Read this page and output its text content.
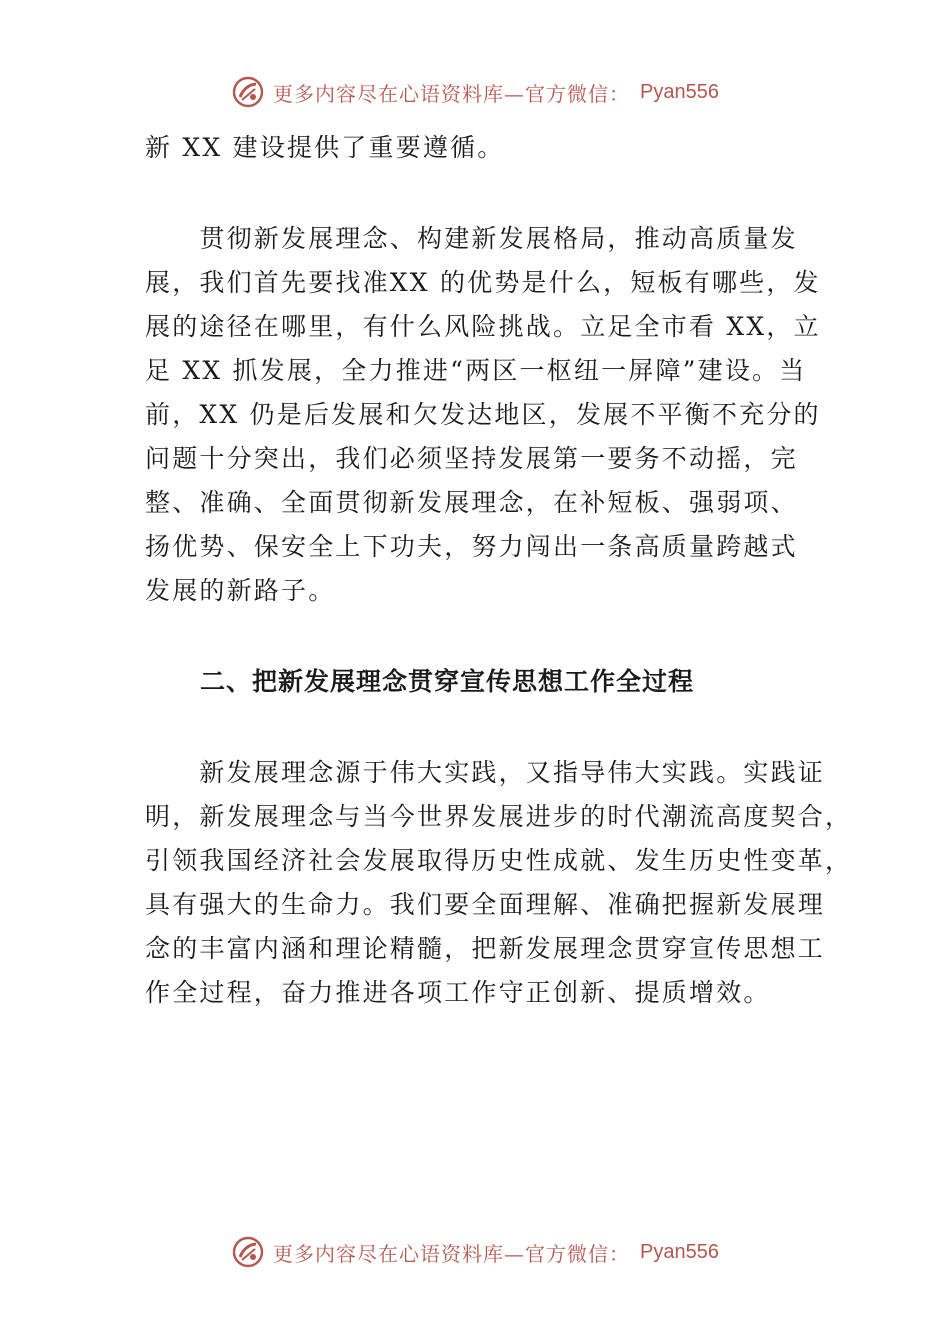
更多内容尽在心语资料库—官方微信： Pyan556
新 XX 建设提供了重要遵循。
　　贯彻新发展理念、构建新发展格局，推动高质量发
展，我们首先要找准XX 的优势是什么，短板有哪些，发
展的途径在哪里，有什么风险挑战。立足全市看 XX，立
足 XX 抓发展，全力推进“两区一枢纽一屏障”建设。当
前，XX 仍是后发展和欠发达地区，发展不平衡不充分的
问题十分突出，我们必须坚持发展第一要务不动摇，完
整、准确、全面贯彻新发展理念，在补短板、强弱项、
扬优势、保安全上下功夫，努力闯出一条高质量跨越式
发展的新路子。
二、把新发展理念贯穿宣传思想工作全过程
　　新发展理念源于伟大实践，又指导伟大实践。实践证
明，新发展理念与当今世界发展进步的时代潮流高度契合，
引领我国经济社会发展取得历史性成就、发生历史性变革，
具有强大的生命力。我们要全面理解、准确把握新发展理
念的丰富内涵和理论精髓，把新发展理念贯穿宣传思想工
作全过程，奋力推进各项工作守正创新、提质增效。
更多内容尽在心语资料库—官方微信： Pyan556
